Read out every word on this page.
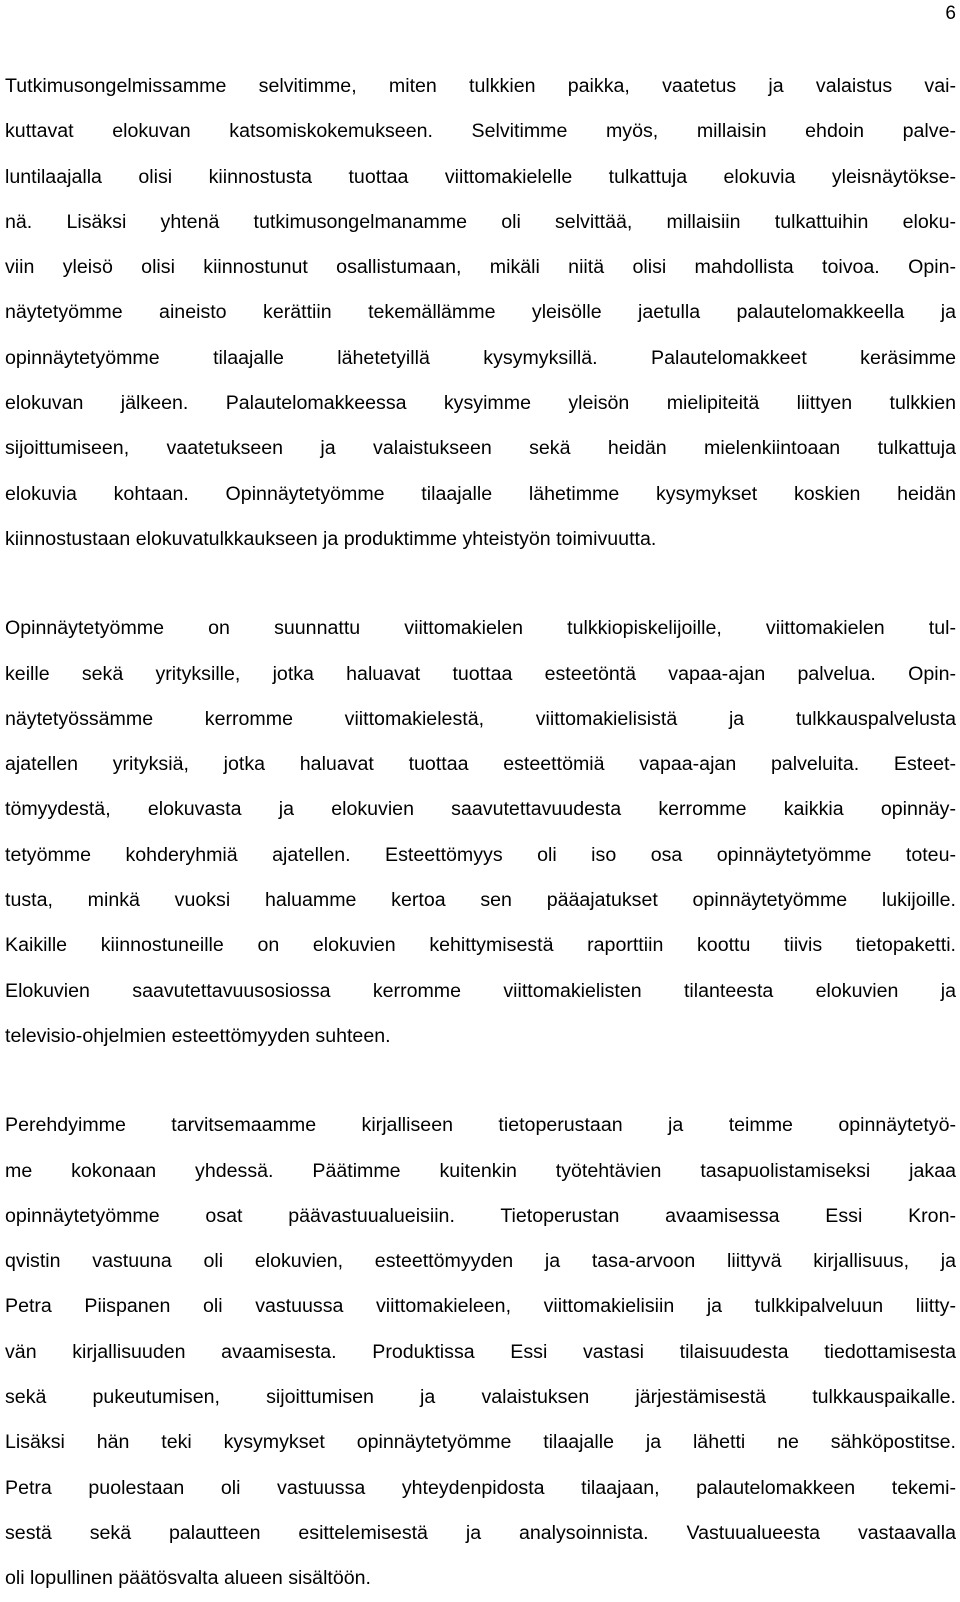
6

Tutkimusongelmissamme selvitimme, miten tulkkien paikka, vaatetus ja valaistus vai-
kuttavat elokuvan katsomiskokemukseen. Selvitimme myös, millaisin ehdoin palve-
luntilaajalla olisi kiinnostusta tuottaa viittomakielelle tulkattuja elokuvia yleisnäytökse-
nä. Lisäksi yhtenä tutkimusongelmanamme oli selvittää, millaisiin tulkattuihin eloku-
viin yleisö olisi kiinnostunut osallistumaan, mikäli niitä olisi mahdollista toivoa. Opin-
näytetyömme aineisto kerättiin tekemällämme yleisölle jaetulla palautelomakkeella ja
opinnäytetyömme tilaajalle lähetetyillä kysymyksillä. Palautelomakkeet keräsimme
elokuvan jälkeen. Palautelomakkeessa kysyimme yleisön mielipiteitä liittyen tulkkien
sijoittumiseen, vaatetukseen ja valaistukseen sekä heidän mielenkiintoaan tulkattuja
elokuvia kohtaan. Opinnäytetyömme tilaajalle lähetimme kysymykset koskien heidän
kiinnostustaan elokuvatulkkaukseen ja produktimme yhteistyön toimivuutta.

Opinnäytetyömme on suunnattu viittomakielen tulkkiopiskelijoille, viittomakielen tul-
keille sekä yrityksille, jotka haluavat tuottaa esteetöntä vapaa-ajan palvelua. Opin-
näytetyössämme kerromme viittomakielestä, viittomakielisistä ja tulkkauspalvelusta
ajatellen yrityksiä, jotka haluavat tuottaa esteettömiä vapaa-ajan palveluita. Esteet-
tömyydestä, elokuvasta ja elokuvien saavutettavuudesta kerromme kaikkia opinnäy-
tetyömme kohderyhmiä ajatellen. Esteettömyys oli iso osa opinnäytetyömme toteu-
tusta, minkä vuoksi haluamme kertoa sen pääajatukset opinnäytetyömme lukijoille.
Kaikille kiinnostuneille on elokuvien kehittymisestä raporttiin koottu tiivis tietopaketti.
Elokuvien saavutettavuusosiossa kerromme viittomakielisten tilanteesta elokuvien ja
televisio-ohjelmien esteettömyyden suhteen.

Perehdyimme tarvitsemaamme kirjalliseen tietoperustaan ja teimme opinnäytetyö-
me kokonaan yhdessä. Päätimme kuitenkin työtehtävien tasapuolistamiseksi jakaa
opinnäytetyömme osat päävastuualueisiin. Tietoperustan avaamisessa Essi Kron-
qvistin vastuuna oli elokuvien, esteettömyyden ja tasa-arvoon liittyvä kirjallisuus, ja
Petra Piispanen oli vastuussa viittomakieleen, viittomakielisiin ja tulkkipalveluun liitty-
vän kirjallisuuden avaamisesta. Produktissa Essi vastasi tilaisuudesta tiedottamisesta
sekä pukeutumisen, sijoittumisen ja valaistuksen järjestämisestä tulkkauspaikalle.
Lisäksi hän teki kysymykset opinnäytetyömme tilaajalle ja lähetti ne sähköpostitse.
Petra puolestaan oli vastuussa yhteydenpidosta tilaajaan, palautelomakkeen tekemi-
sestä sekä palautteen esittelemisestä ja analysoinnista. Vastuualueesta vastaavalla
oli lopullinen päätösvalta alueen sisältöön.
